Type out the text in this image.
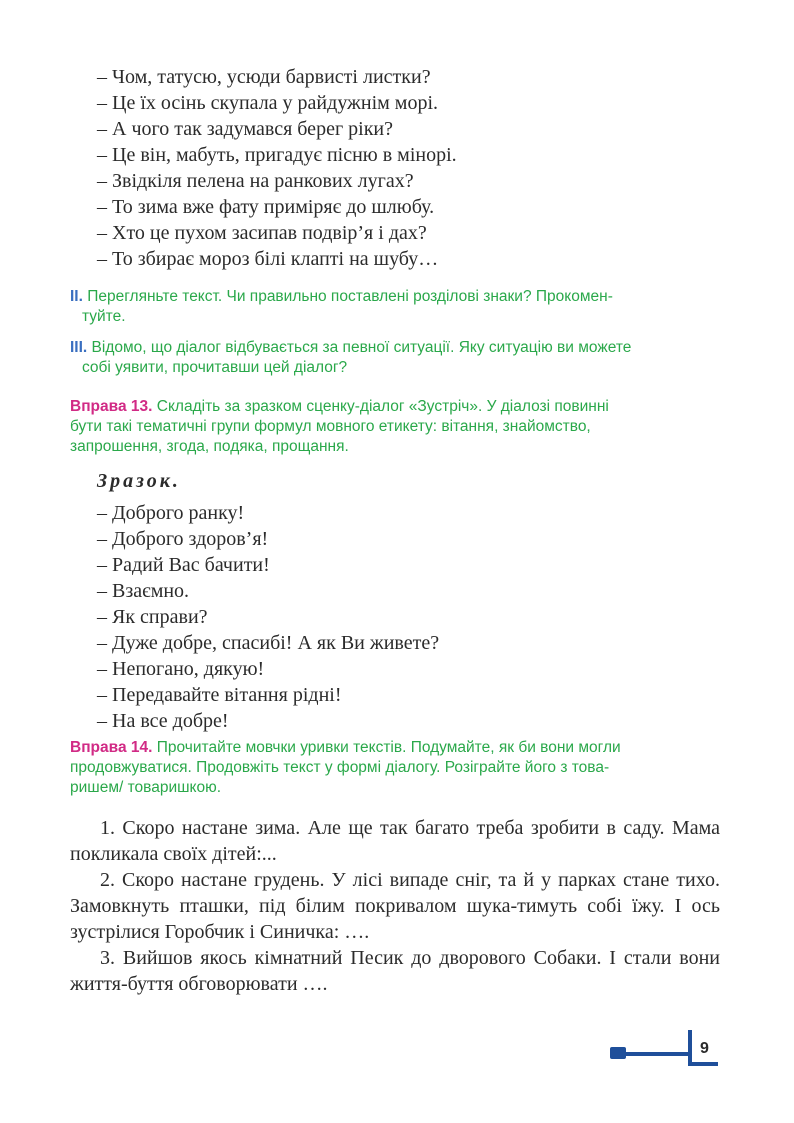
– Чом, татусю, усюди барвисті листки?
– Це їх осінь скупала у райдужнім морі.
– А чого так задумався берег ріки?
– Це він, мабуть, пригадує пісню в мінорі.
– Звідкіля пелена на ранкових лугах?
– То зима вже фату приміряє до шлюбу.
– Хто це пухом засипав подвір’я і дах?
– То збирає мороз білі клапті на шубу…
II. Перегляньте текст. Чи правильно поставлені розділові знаки? Прокомен-
туйте.
III. Відомо, що діалог відбувається за певної ситуації. Яку ситуацію ви можете
собі уявити, прочитавши цей діалог?
Вправа 13. Складіть за зразком сценку-діалог «Зустріч». У діалозі повинні
бути такі тематичні групи формул мовного етикету: вітання, знайомство,
запрошення, згода, подяка, прощання.
Зразок.
– Доброго ранку!
– Доброго здоров’я!
– Радий Вас бачити!
– Взаємно.
– Як справи?
– Дуже добре, спасибі! А як Ви живете?
– Непогано, дякую!
– Передавайте вітання рідні!
– На все добре!
Вправа 14. Прочитайте мовчки уривки текстів. Подумайте, як би вони могли
продовжуватися. Продовжіть текст у формі діалогу. Розіграйте його з това-
ришем/ товаришкою.

1. Скоро настане зима. Але ще так багато треба зробити в саду. Мама покликала своїх дітей:...

2. Скоро настане грудень. У лісі випаде сніг, та й у парках стане тихо. Замовкнуть пташки, під білим покривалом шука-тимуть собі їжу. І ось зустрілися Горобчик і Синичка: ….

3. Вийшов якось кімнатний Песик до дворового Собаки. І стали вони життя-буття обговорювати ….

9
